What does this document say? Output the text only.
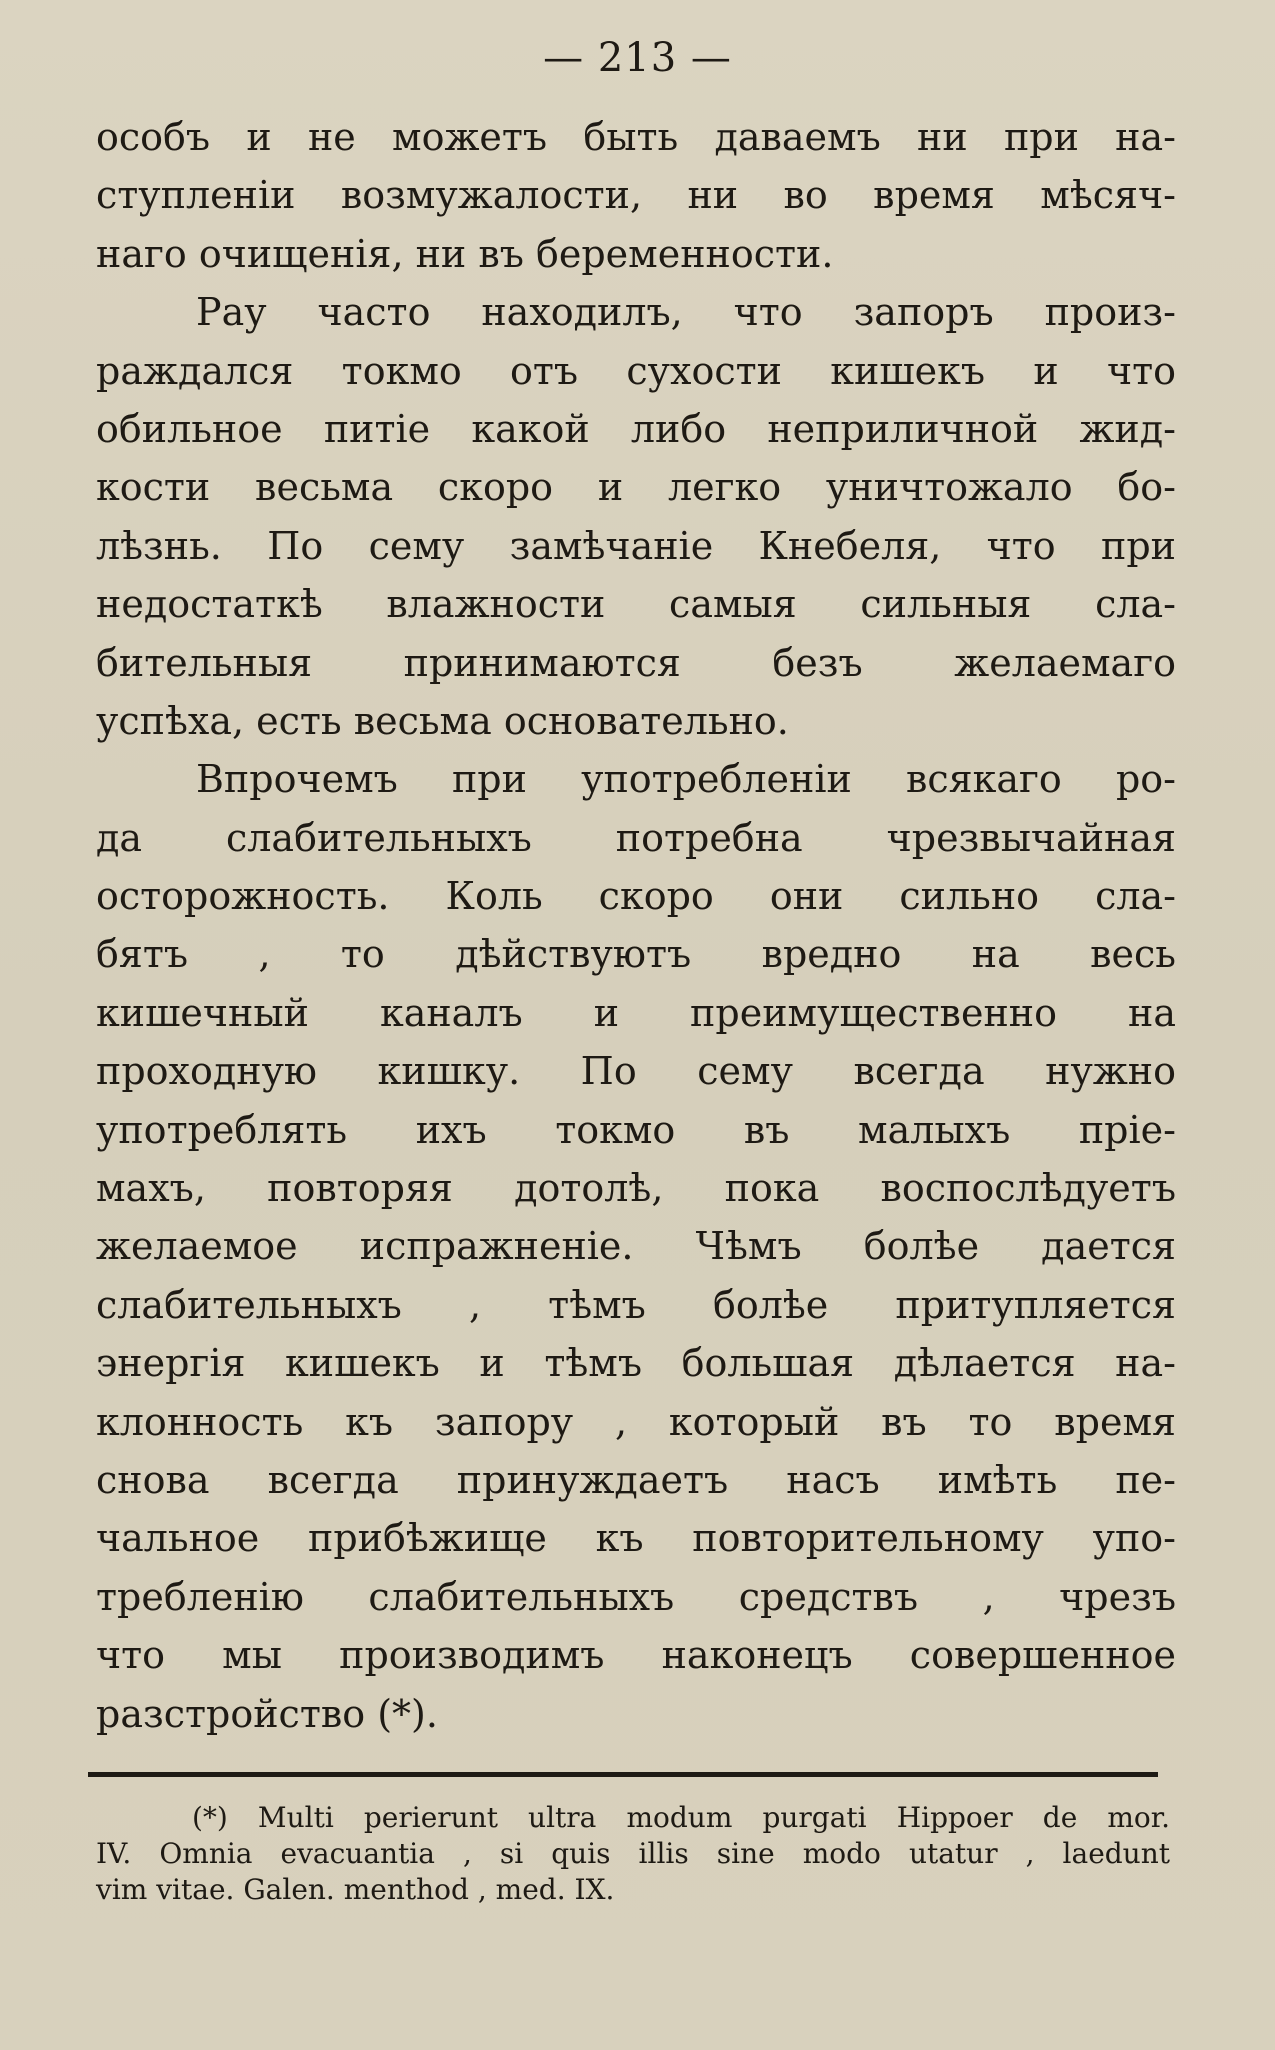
— 213 —
особъ и не можетъ быть даваемъ ни при на-
ступленіи возмужалости, ни во время мѣсяч-
наго очищенія, ни въ беременности.
Рау часто находилъ, что запоръ произ-
раждался токмо отъ сухости кишекъ и что
обильное питіе какой либо неприличной жид-
кости весьма скоро и легко уничтожало бо-
лѣзнь. По сему замѣчаніе Кнебеля, что при
недостаткѣ влажности самыя сильныя сла-
бительныя принимаются безъ желаемаго
успѣха, есть весьма основательно.
Впрочемъ при употребленіи всякаго ро-
да слабительныхъ потребна чрезвычайная
осторожность. Коль скоро они сильно сла-
бятъ , то дѣйствуютъ вредно на весь
кишечный каналъ и преимущественно на
проходную кишку. По сему всегда нужно
употреблять ихъ токмо въ малыхъ пріе-
махъ, повторяя дотолѣ, пока воспослѣдуетъ
желаемое испражненіе. Чѣмъ болѣе дается
слабительныхъ , тѣмъ болѣе притупляется
энергія кишекъ и тѣмъ большая дѣлается на-
клонность къ запору , который въ то время
снова всегда принуждаетъ насъ имѣть пе-
чальное прибѣжище къ повторительному упо-
требленію слабительныхъ средствъ , чрезъ
что мы производимъ наконецъ совершенное
разстройство (*).
(*) Multi perierunt ultra modum purgati Hippoer de mor.
IV. Omnia evacuantia , si quis illis sine modo utatur , laedunt
vim vitae. Galen. menthod , med. IX.
